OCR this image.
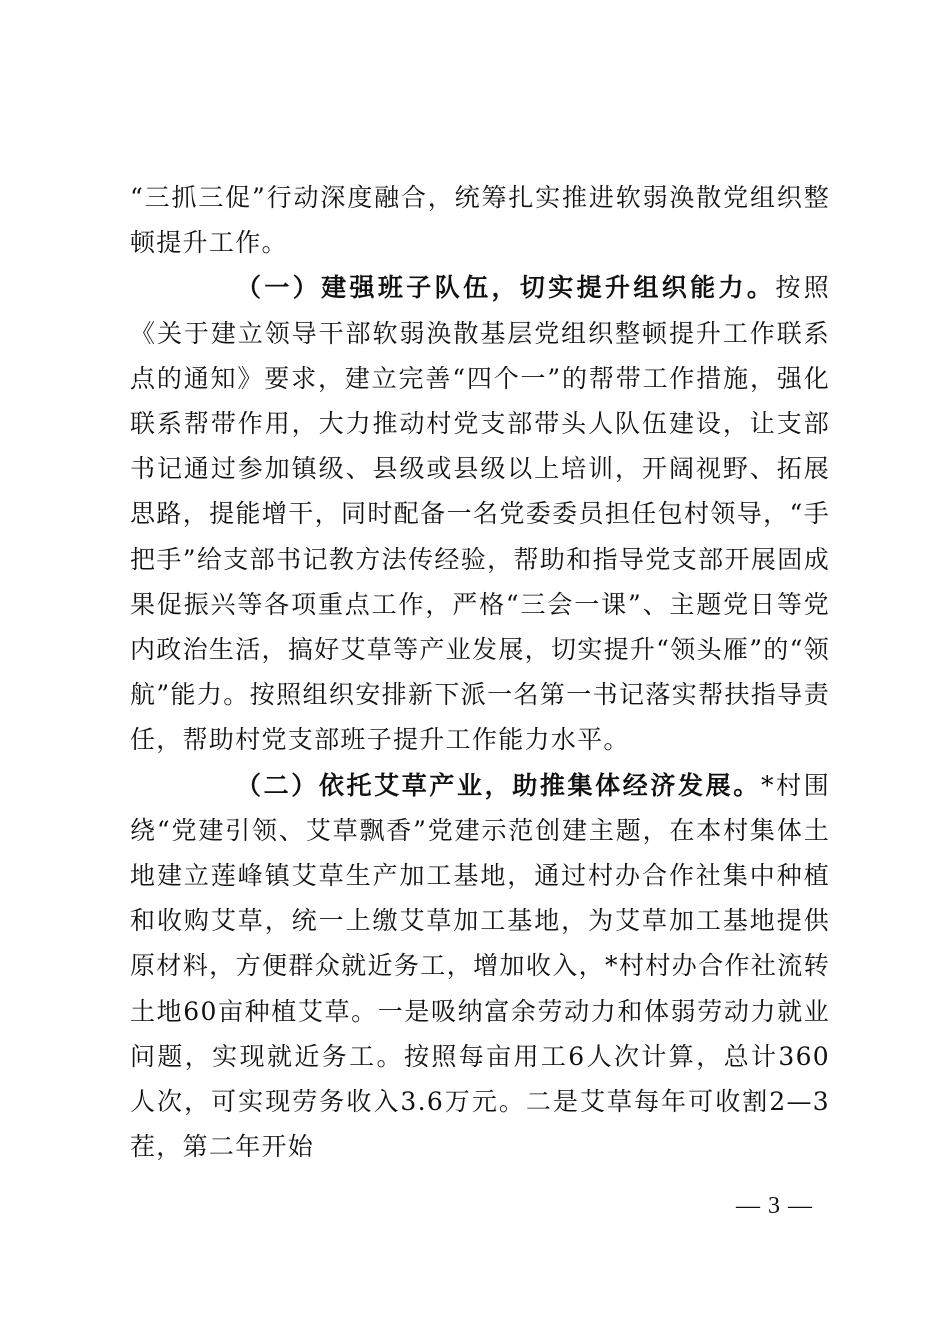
“三抓三促”行动深度融合，统筹扎实推进软弱涣散党组织整顿提升工作。

（一）建强班子队伍，切实提升组织能力。按照《关于建立领导干部软弱涣散基层党组织整顿提升工作联系点的通知》要求，建立完善“四个一”的帮带工作措施，强化联系帮带作用，大力推动村党支部带头人队伍建设，让支部书记通过参加镇级、县级或县级以上培训，开阔视野、拓展思路，提能增干，同时配备一名党委委员担任包村领导，“手把手”给支部书记教方法传经验，帮助和指导党支部开展固成果促振兴等各项重点工作，严格“三会一课”、主题党日等党内政治生活，搞好艾草等产业发展，切实提升“领头雁”的“领航”能力。按照组织安排新下派一名第一书记落实帮扶指导责任，帮助村党支部班子提升工作能力水平。

（二）依托艾草产业，助推集体经济发展。*村围绕“党建引领、艾草飘香”党建示范创建主题，在本村集体土地建立莲峰镇艾草生产加工基地，通过村办合作社集中种植和收购艾草，统一上缴艾草加工基地，为艾草加工基地提供原材料，方便群众就近务工，增加收入，*村村办合作社流转土地60亩种植艾草。一是吸纳富余劳动力和体弱劳动力就业问题，实现就近务工。按照每亩用工6人次计算，总计360人次，可实现劳务收入3.6万元。二是艾草每年可收割2—3茬，第二年开始

— 3 —
